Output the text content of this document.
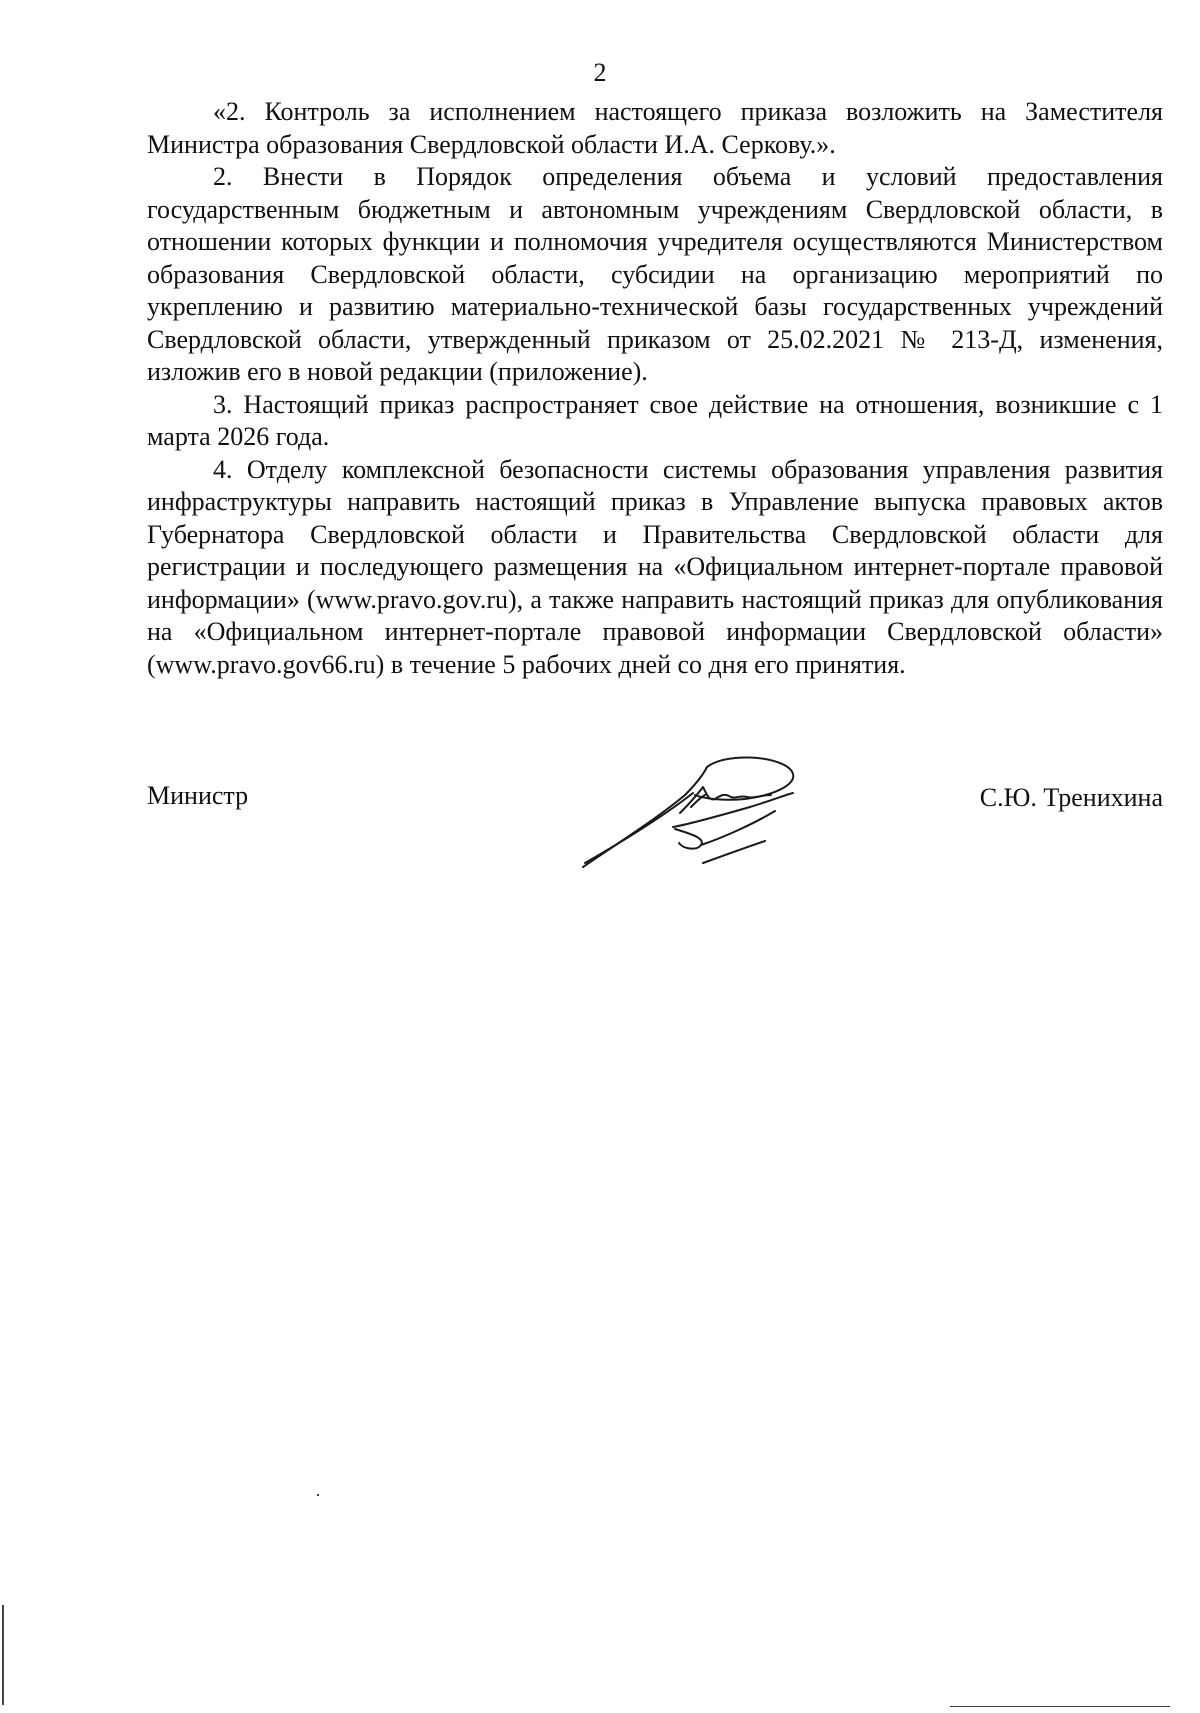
2

«2. Контроль за исполнением настоящего приказа возложить на Заместителя Министра образования Свердловской области И.А. Серкову.».

2. Внести в Порядок определения объема и условий предоставления государственным бюджетным и автономным учреждениям Свердловской области, в отношении которых функции и полномочия учредителя осуществляются Министерством образования Свердловской области, субсидии на организацию мероприятий по укреплению и развитию материально-технической базы государственных учреждений Свердловской области, утвержденный приказом от 25.02.2021 № 213-Д, изменения, изложив его в новой редакции (приложение).

3. Настоящий приказ распространяет свое действие на отношения, возникшие с 1 марта 2026 года.

4. Отделу комплексной безопасности системы образования управления развития инфраструктуры направить настоящий приказ в Управление выпуска правовых актов Губернатора Свердловской области и Правительства Свердловской области для регистрации и последующего размещения на «Официальном интернет-портале правовой информации» (www.pravo.gov.ru), а также направить настоящий приказ для опубликования на «Официальном интернет-портале правовой информации Свердловской области» (www.pravo.gov66.ru) в течение 5 рабочих дней со дня его принятия.

Министр	С.Ю. Тренихина
